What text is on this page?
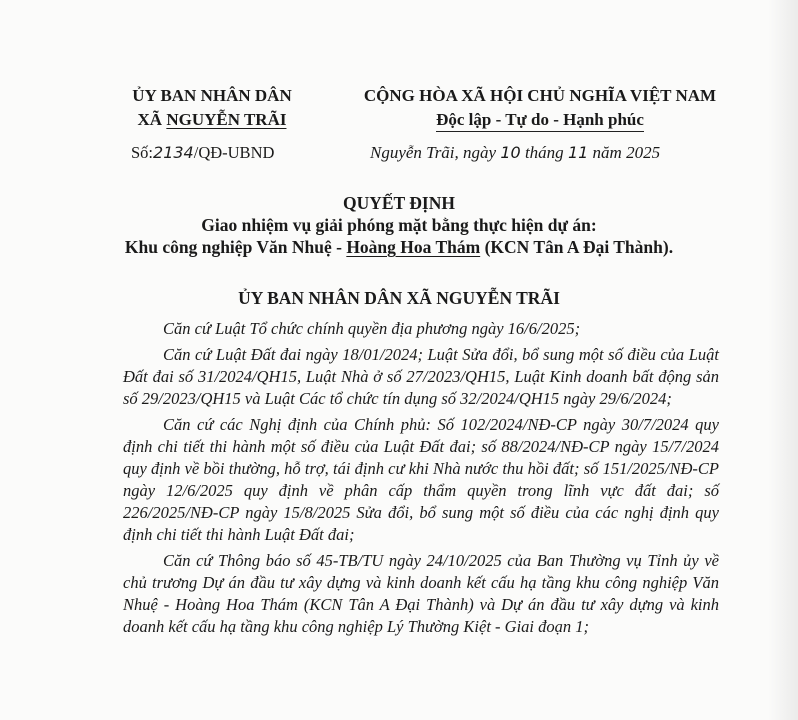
ỦY BAN NHÂN DÂN
XÃ NGUYỄN TRÃI
CỘNG HÒA XÃ HỘI CHỦ NGHĨA VIỆT NAM
Độc lập - Tự do - Hạnh phúc
Số:2134/QĐ-UBND	Nguyễn Trãi, ngày 10 tháng 11 năm 2025
QUYẾT ĐỊNH
Giao nhiệm vụ giải phóng mặt bằng thực hiện dự án:
Khu công nghiệp Văn Nhuệ - Hoàng Hoa Thám (KCN Tân A Đại Thành).
ỦY BAN NHÂN DÂN XÃ NGUYỄN TRÃI

Căn cứ Luật Tổ chức chính quyền địa phương ngày 16/6/2025;

Căn cứ Luật Đất đai ngày 18/01/2024; Luật Sửa đổi, bổ sung một số điều của Luật Đất đai số 31/2024/QH15, Luật Nhà ở số 27/2023/QH15, Luật Kinh doanh bất động sản số 29/2023/QH15 và Luật Các tổ chức tín dụng số 32/2024/QH15 ngày 29/6/2024;

Căn cứ các Nghị định của Chính phủ: Số 102/2024/NĐ-CP ngày 30/7/2024 quy định chi tiết thi hành một số điều của Luật Đất đai; số 88/2024/NĐ-CP ngày 15/7/2024 quy định về bồi thường, hỗ trợ, tái định cư khi Nhà nước thu hồi đất; số 151/2025/NĐ-CP ngày 12/6/2025 quy định về phân cấp thẩm quyền trong lĩnh vực đất đai; số 226/2025/NĐ-CP ngày 15/8/2025 Sửa đổi, bổ sung một số điều của các nghị định quy định chi tiết thi hành Luật Đất đai;

Căn cứ Thông báo số 45-TB/TU ngày 24/10/2025 của Ban Thường vụ Tỉnh ủy về chủ trương Dự án đầu tư xây dựng và kinh doanh kết cấu hạ tầng khu công nghiệp Văn Nhuệ - Hoàng Hoa Thám (KCN Tân A Đại Thành) và Dự án đầu tư xây dựng và kinh doanh kết cấu hạ tầng khu công nghiệp Lý Thường Kiệt - Giai đoạn 1;
